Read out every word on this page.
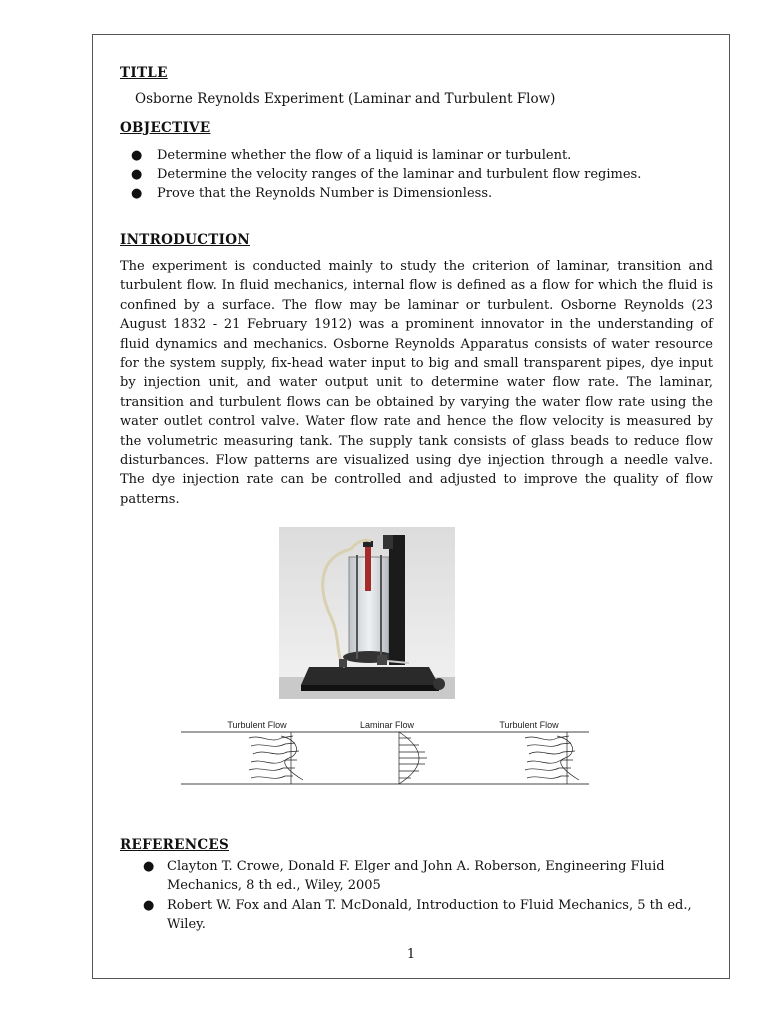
TITLE
Osborne Reynolds Experiment (Laminar and Turbulent Flow)
OBJECTIVE
● Determine whether the flow of a liquid is laminar or turbulent.
● Determine the velocity ranges of the laminar and turbulent flow regimes.
● Prove that the Reynolds Number is Dimensionless.
INTRODUCTION

The experiment is conducted mainly to study the criterion of laminar, transition and turbulent flow. In fluid mechanics, internal flow is defined as a flow for which the fluid is confined by a surface. The flow may be laminar or turbulent. Osborne Reynolds (23 August 1832 - 21 February 1912) was a prominent innovator in the understanding of fluid dynamics and mechanics. Osborne Reynolds Apparatus consists of water resource for the system supply, fix-head water input to big and small transparent pipes, dye input by injection unit, and water output unit to determine water flow rate. The laminar, transition and turbulent flows can be obtained by varying the water flow rate using the water outlet control valve. Water flow rate and hence the flow velocity is measured by the volumetric measuring tank. The supply tank consists of glass beads to reduce flow disturbances. Flow patterns are visualized using dye injection through a needle valve. The dye injection rate can be controlled and adjusted to improve the quality of flow patterns.

Turbulent Flow	Laminar Flow	Turbulent Flow
REFERENCES
● Clayton T. Crowe, Donald F. Elger and John A. Roberson, Engineering Fluid Mechanics, 8 th ed., Wiley, 2005
● Robert W. Fox and Alan T. McDonald, Introduction to Fluid Mechanics, 5 th ed., Wiley.
1
